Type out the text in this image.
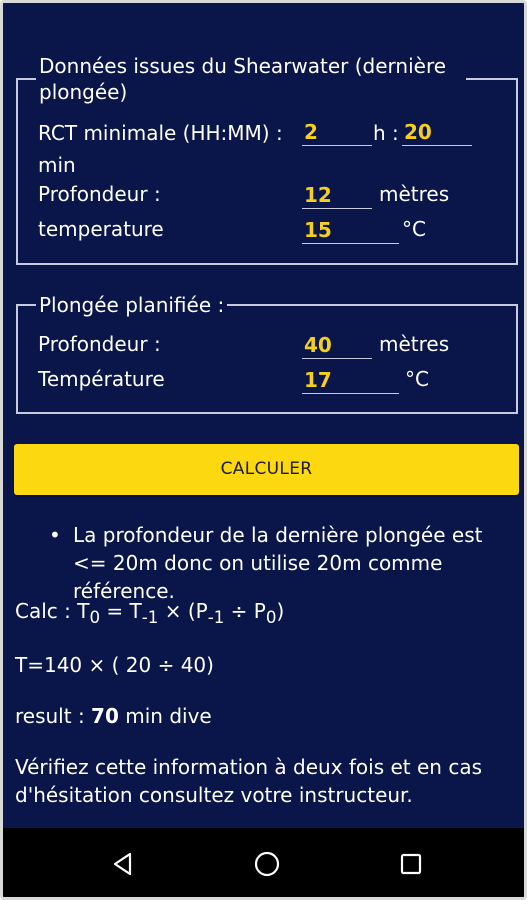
Données issues du Shearwater (dernière plongée)
RCT minimale (HH:MM) : 2	h : 20
min
Profondeur :	12	mètres
temperature	15	°C
Plongée planifiée :
Profondeur :	40	mètres
Température	17	°C
CALCULER
• La profondeur de la dernière plongée est <= 20m donc on utilise 20m comme référence.
Calc : $T_0 = T_{-1} \times (P_{-1} \div P_0)$
T=140 × ( 20 ÷ 40)
result : 70 min dive
Vérifiez cette information à deux fois et en cas d'hésitation consultez votre instructeur.
